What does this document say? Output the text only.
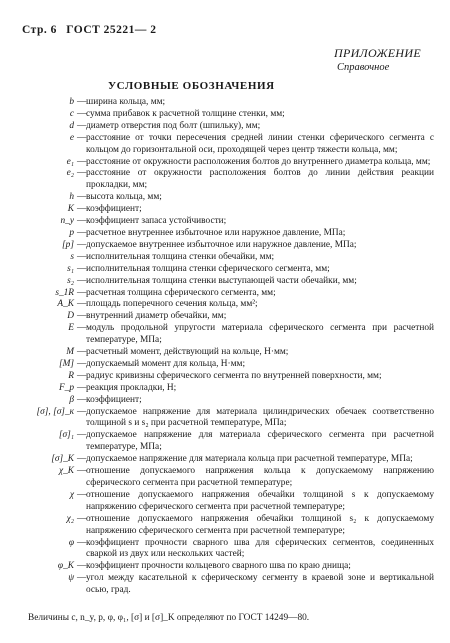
Стр. 6 ГОСТ 25221— 2
ПРИЛОЖЕНИЕ
Справочное
УСЛОВНЫЕ ОБОЗНАЧЕНИЯ
b — ширина кольца, мм;
c — сумма прибавок к расчетной толщине стенки, мм;
d — диаметр отверстия под болт (шпильку), мм;
e — расстояние от точки пересечения средней линии стенки сферического сегмента с кольцом до горизонтальной оси, проходящей через центр тяжести кольца, мм;
e₁ — расстояние от окружности расположения болтов до внутреннего диаметра кольца, мм;
e₂ — расстояние от окружности расположения болтов до линии действия реакции прокладки, мм;
h — высота кольца, мм;
K — коэффициент;
n_y — коэффициент запаса устойчивости;
p — расчетное внутреннее избыточное или наружное давление, МПа;
[p] — допускаемое внутреннее избыточное или наружное давление, МПа;
s — исполнительная толщина стенки обечайки, мм;
s₁ — исполнительная толщина стенки сферического сегмента, мм;
s₂ — исполнительная толщина стенки выступающей части обечайки, мм;
s_1R — расчетная толщина сферического сегмента, мм;
A_K — площадь поперечного сечения кольца, мм²;
D — внутренний диаметр обечайки, мм;
E — модуль продольной упругости материала сферического сегмента при расчетной температуре, МПа;
M — расчетный момент, действующий на кольце, Н·мм;
[M] — допускаемый момент для кольца, Н·мм;
R — радиус кривизны сферического сегмента по внутренней поверхности, мм;
F_p — реакция прокладки, Н;
β — коэффициент;
[σ], [σ]_к — допускаемое напряжение для материала цилиндрических обечаек соответственно толщиной s и s₂ при расчетной температуре, МПа;
[σ]₁ — допускаемое напряжение для материала сферического сегмента при расчетной температуре, МПа;
[σ]_K — допускаемое напряжение для материала кольца при расчетной температуре, МПа;
χ_K — отношение допускаемого напряжения кольца к допускаемому напряжению сферического сегмента при расчетной температуре;
χ — отношение допускаемого напряжения обечайки толщиной s к допускаемому напряжению сферического сегмента при расчетной температуре;
χ₂ — отношение допускаемого напряжения обечайки толщиной s₂ к допускаемому напряжению сферического сегмента при расчетной температуре;
φ — коэффициент прочности сварного шва для сферических сегментов, соединенных сваркой из двух или нескольких частей;
φ_K — коэффициент прочности кольцевого сварного шва по краю днища;
ψ — угол между касательной к сферическому сегменту в краевой зоне и вертикальной осью, град.
Величины c, n_y, p, φ, φ₁, [σ] и [σ]_K определяют по ГОСТ 14249—80.
